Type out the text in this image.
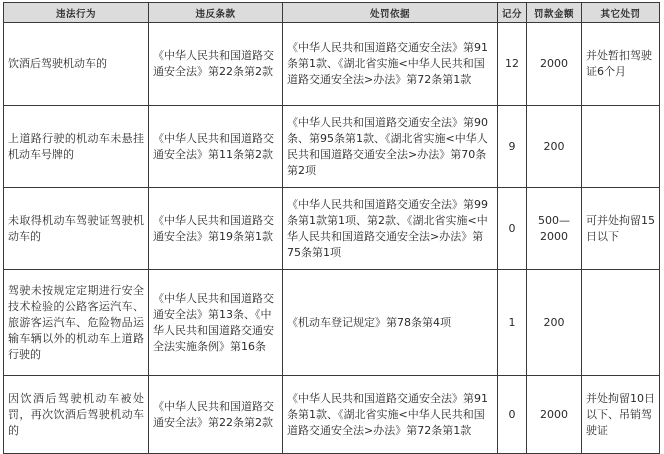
违法行为	违反条款	处罚依据	记分	罚款金额	其它处罚
饮酒后驾驶机动车的	《中华人民共和国道路交通安全法》第22条第2款	《中华人民共和国道路交通安全法》第91条第1款、《湖北省实施<中华人民共和国道路交通安全法>办法》第72条第1款	12	2000	并处暂扣驾驶证6个月
上道路行驶的机动车未悬挂机动车号牌的	《中华人民共和国道路交通安全法》第11条第2款	《中华人民共和国道路交通安全法》第90条、第95条第1款、《湖北省实施<中华人民共和国道路交通安全法>办法》第70条第2项	9	200	
未取得机动车驾驶证驾驶机动车的	《中华人民共和国道路交通安全法》第19条第1款	《中华人民共和国道路交通安全法》第99条第1款第1项、第2款、《湖北省实施<中华人民共和国道路交通安全法>办法》第75条第1项	0	500—2000	可并处拘留15日以下
驾驶未按规定定期进行安全技术检验的公路客运汽车、旅游客运汽车、危险物品运输车辆以外的机动车上道路行驶的	《中华人民共和国道路交通安全法》第13条、《中华人民共和国道路交通安全法实施条例》第16条	《机动车登记规定》第78条第4项	1	200	
因饮酒后驾驶机动车被处罚，再次饮酒后驾驶机动车的	《中华人民共和国道路交通安全法》第22条第2款	《中华人民共和国道路交通安全法》第91条第1款、《湖北省实施<中华人民共和国道路交通安全法>办法》第72条第1款	0	2000	并处拘留10日以下、吊销驾驶证
